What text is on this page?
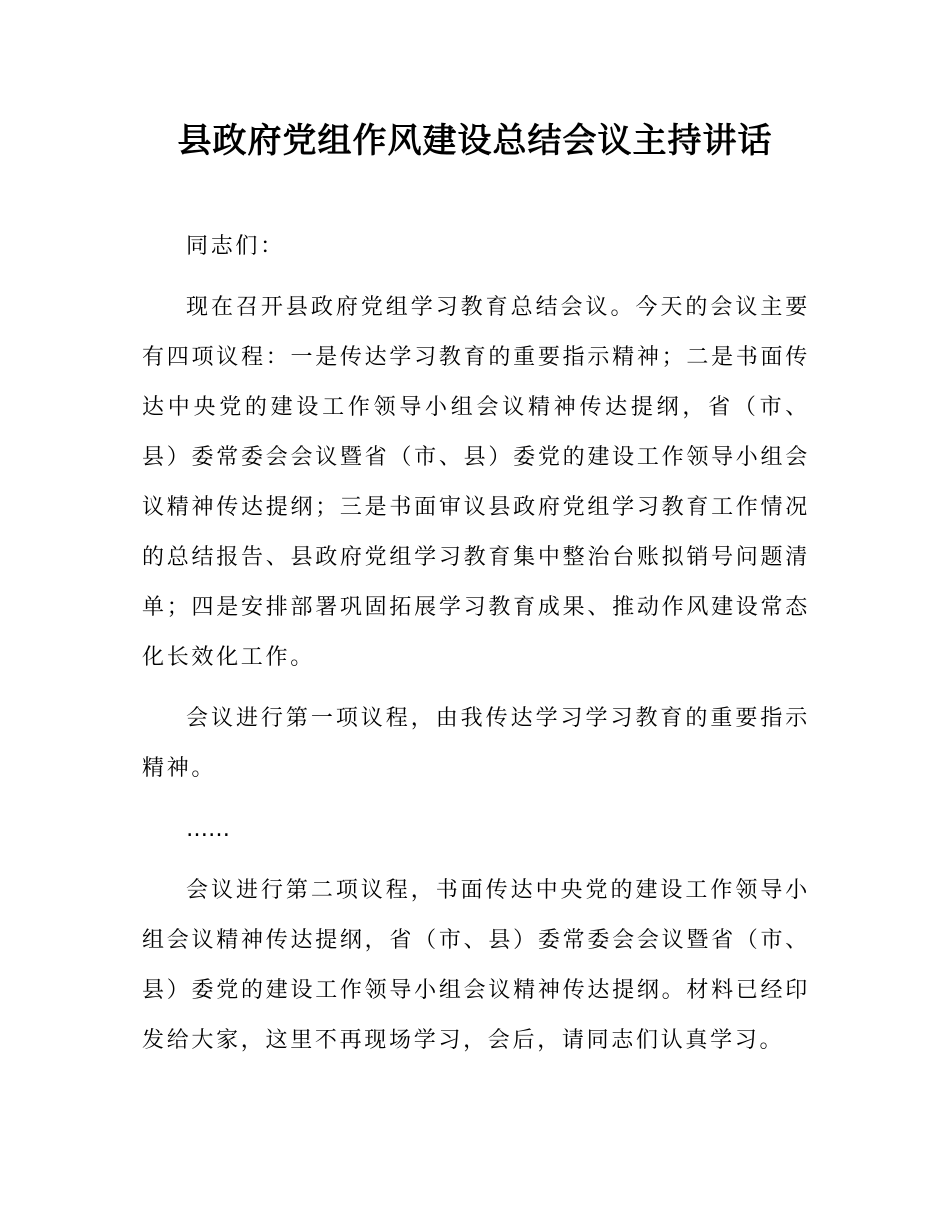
县政府党组作风建设总结会议主持讲话

同志们：

现在召开县政府党组学习教育总结会议。今天的会议主要有四项议程：一是传达学习教育的重要指示精神；二是书面传达中央党的建设工作领导小组会议精神传达提纲，省（市、县）委常委会会议暨省（市、县）委党的建设工作领导小组会议精神传达提纲；三是书面审议县政府党组学习教育工作情况的总结报告、县政府党组学习教育集中整治台账拟销号问题清单；四是安排部署巩固拓展学习教育成果、推动作风建设常态化长效化工作。

会议进行第一项议程，由我传达学习学习教育的重要指示精神。

……

会议进行第二项议程，书面传达中央党的建设工作领导小组会议精神传达提纲，省（市、县）委常委会会议暨省（市、县）委党的建设工作领导小组会议精神传达提纲。材料已经印发给大家，这里不再现场学习，会后，请同志们认真学习。
